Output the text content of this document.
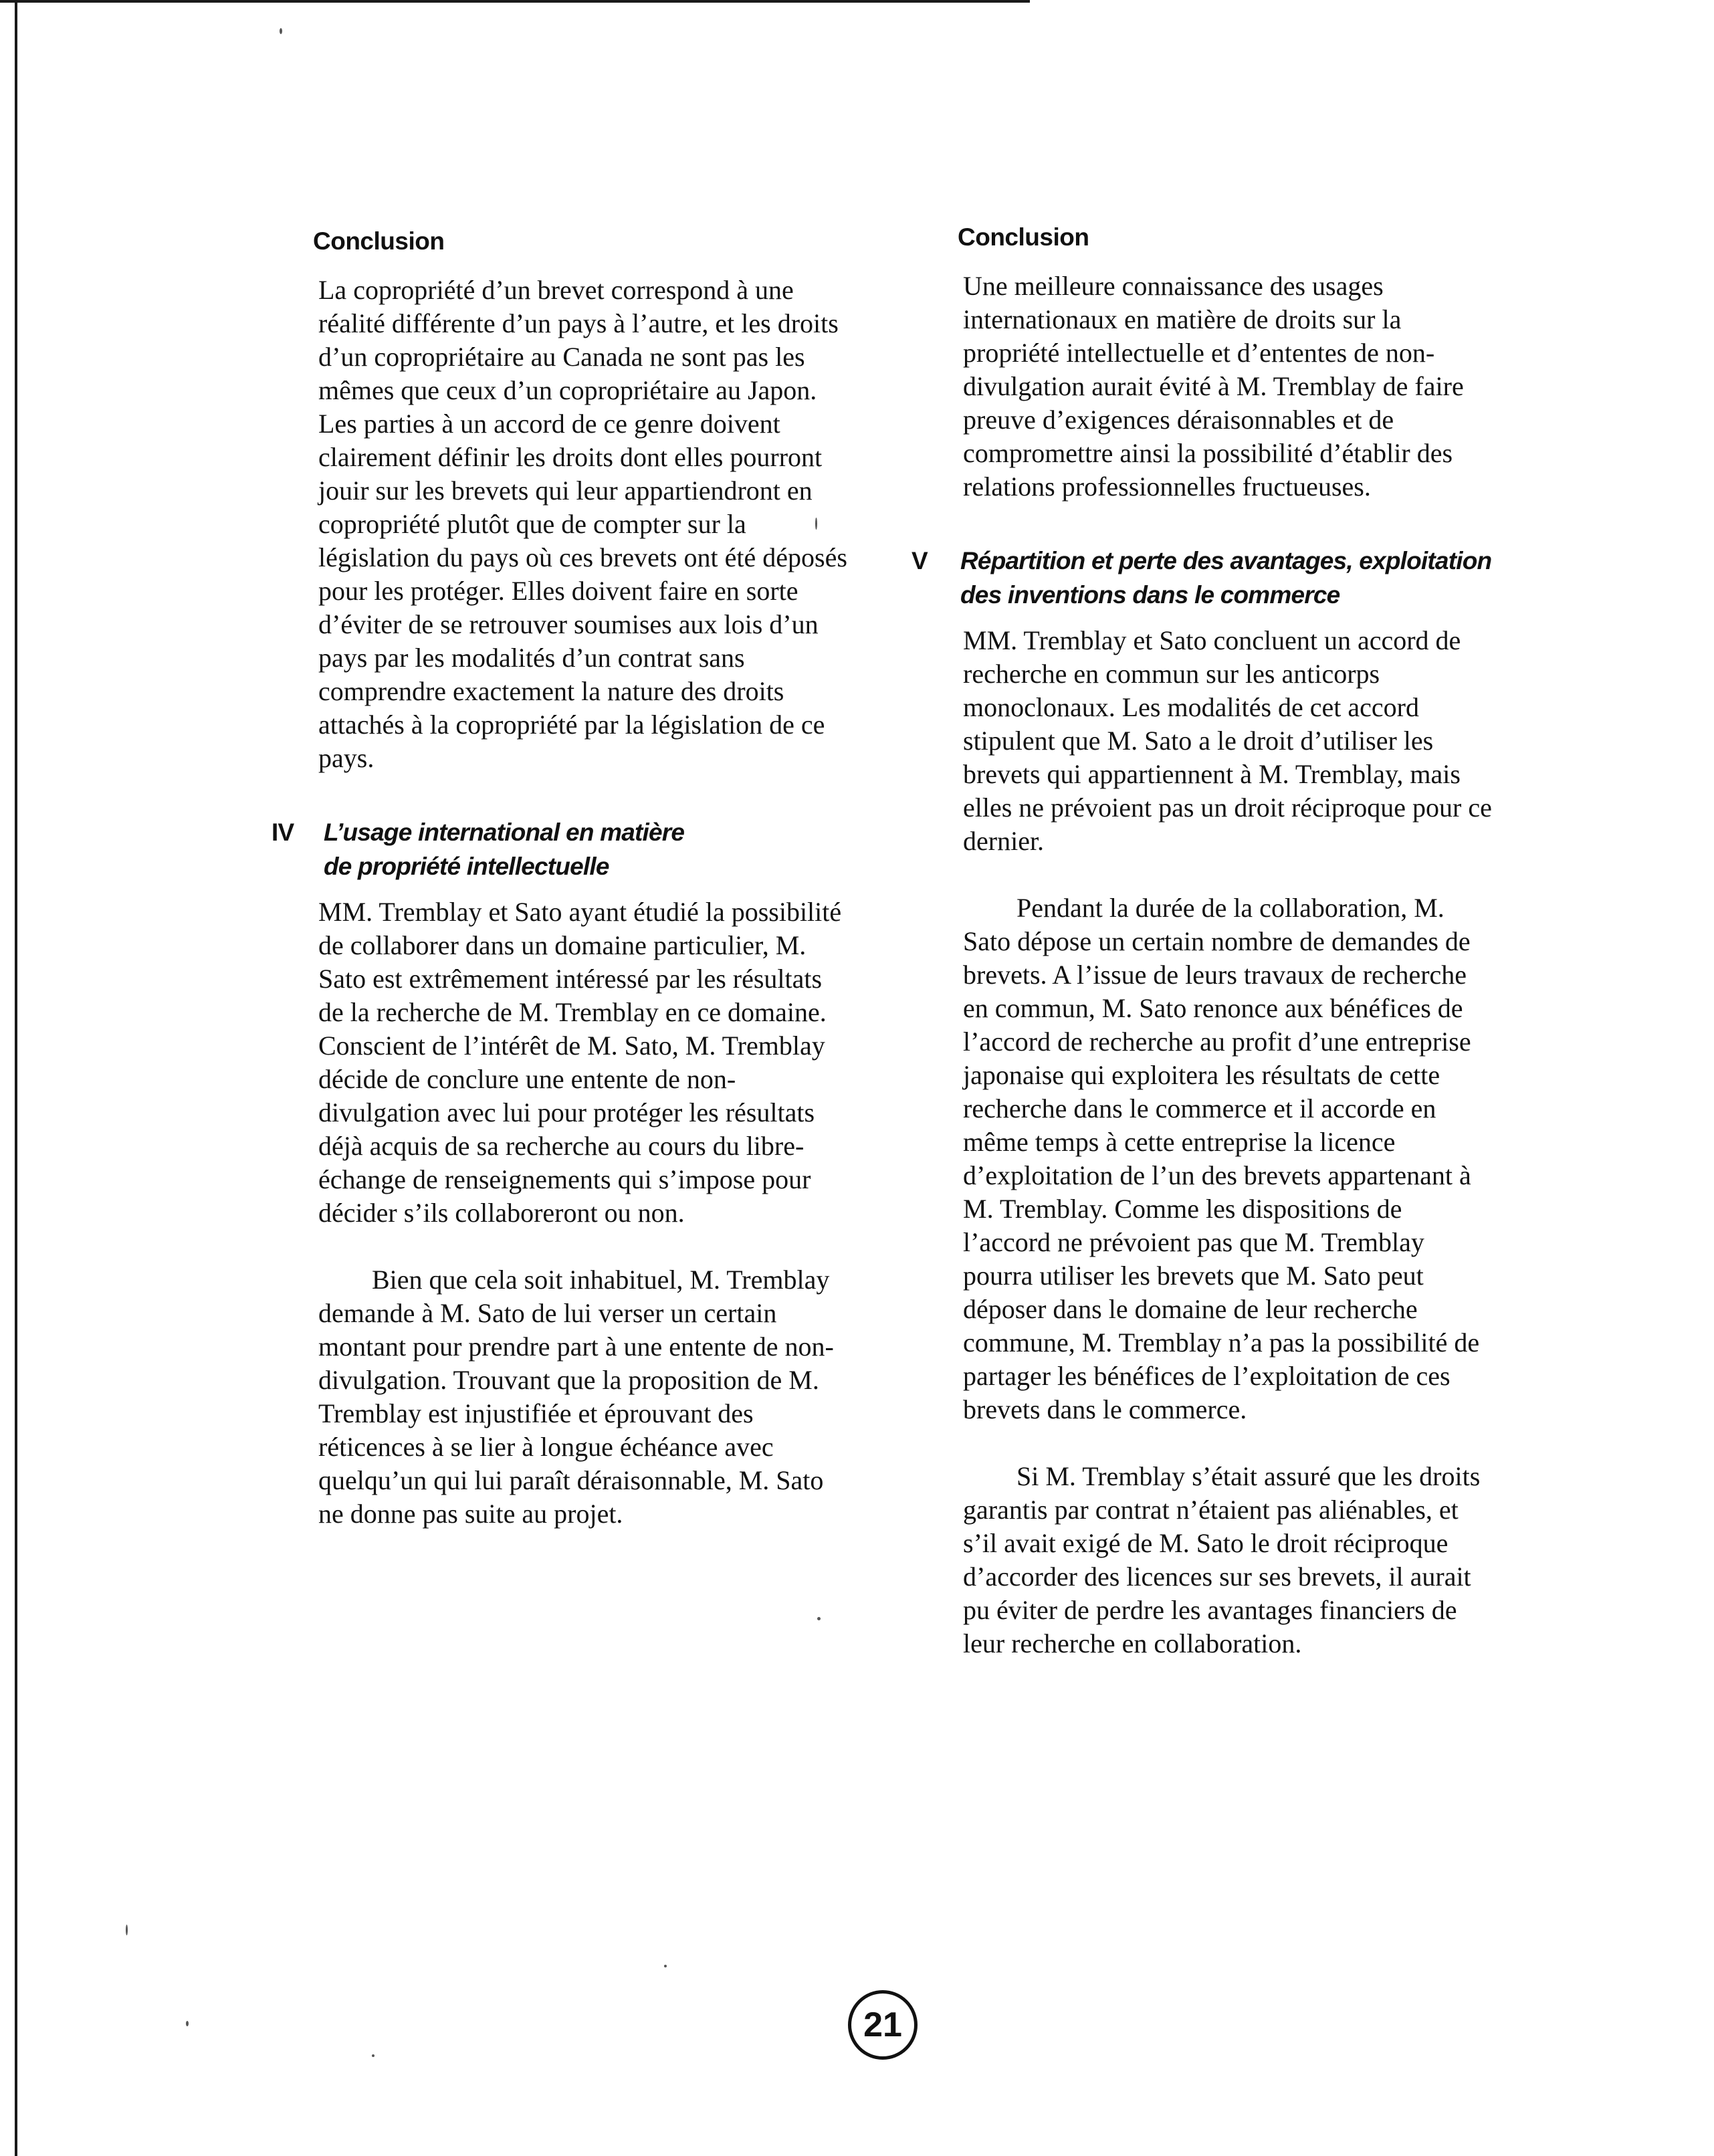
Conclusion

La copropriété d’un brevet correspond à une réalité différente d’un pays à l’autre, et les droits d’un copropriétaire au Canada ne sont pas les mêmes que ceux d’un copropriétaire au Japon. Les parties à un accord de ce genre doivent clairement définir les droits dont elles pourront jouir sur les brevets qui leur appartiendront en copropriété plutôt que de compter sur la législation du pays où ces brevets ont été déposés pour les protéger. Elles doivent faire en sorte d’éviter de se retrouver soumises aux lois d’un pays par les modalités d’un contrat sans comprendre exactement la nature des droits attachés à la copropriété par la législation de ce pays.

IV	L’usage international en matière
de propriété intellectuelle

MM. Tremblay et Sato ayant étudié la possibilité de collaborer dans un domaine particulier, M. Sato est extrêmement intéressé par les résultats de la recherche de M. Tremblay en ce domaine. Conscient de l’intérêt de M. Sato, M. Tremblay décide de conclure une entente de non-divulgation avec lui pour protéger les résultats déjà acquis de sa recherche au cours du libre-échange de renseignements qui s’impose pour décider s’ils collaboreront ou non.

Bien que cela soit inhabituel, M. Tremblay demande à M. Sato de lui verser un certain montant pour prendre part à une entente de non-divulgation. Trouvant que la proposition de M. Tremblay est injustifiée et éprouvant des réticences à se lier à longue échéance avec quelqu’un qui lui paraît déraisonnable, M. Sato ne donne pas suite au projet.

Conclusion

Une meilleure connaissance des usages internationaux en matière de droits sur la propriété intellectuelle et d’ententes de non-divulgation aurait évité à M. Tremblay de faire preuve d’exigences déraisonnables et de compromettre ainsi la possibilité d’établir des relations professionnelles fructueuses.

V Répartition et perte des avantages, exploitation
des inventions dans le commerce

MM. Tremblay et Sato concluent un accord de recherche en commun sur les anticorps monoclonaux. Les modalités de cet accord stipulent que M. Sato a le droit d’utiliser les brevets qui appartiennent à M. Tremblay, mais elles ne prévoient pas un droit réciproque pour ce dernier.

Pendant la durée de la collaboration, M. Sato dépose un certain nombre de demandes de brevets. A l’issue de leurs travaux de recherche en commun, M. Sato renonce aux bénéfices de l’accord de recherche au profit d’une entreprise japonaise qui exploitera les résultats de cette recherche dans le commerce et il accorde en même temps à cette entreprise la licence d’exploitation de l’un des brevets appartenant à M. Tremblay. Comme les dispositions de l’accord ne prévoient pas que M. Tremblay pourra utiliser les brevets que M. Sato peut déposer dans le domaine de leur recherche commune, M. Tremblay n’a pas la possibilité de partager les bénéfices de l’exploitation de ces brevets dans le commerce.

Si M. Tremblay s’était assuré que les droits garantis par contrat n’étaient pas aliénables, et s’il avait exigé de M. Sato le droit réciproque d’accorder des licences sur ses brevets, il aurait pu éviter de perdre les avantages financiers de leur recherche en collaboration.

21
